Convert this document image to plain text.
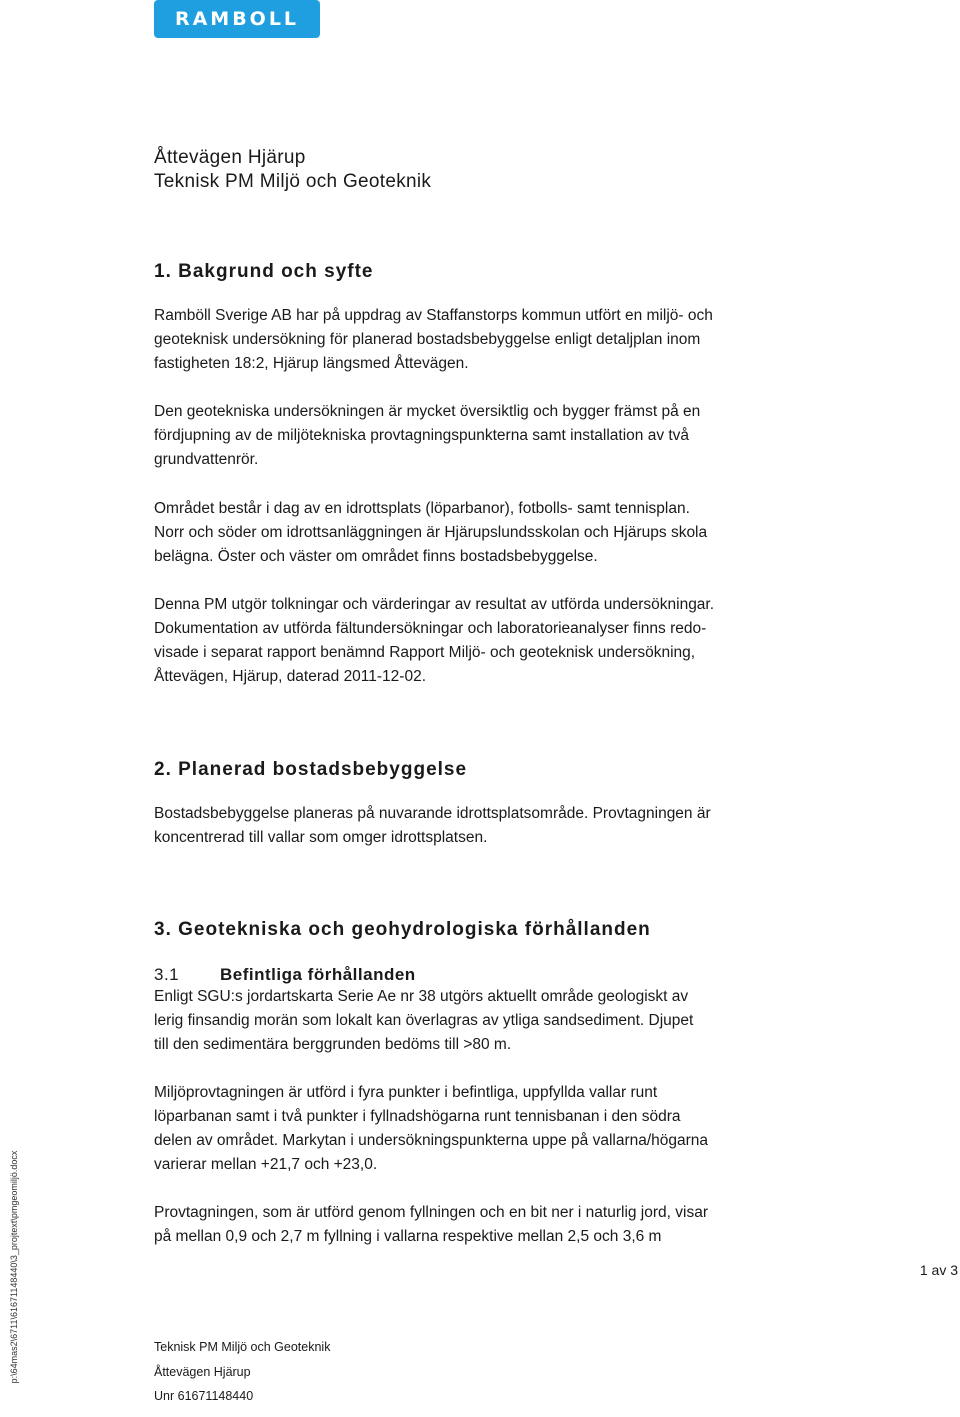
RAMBOLL
Åttevägen Hjärup
Teknisk PM Miljö och Geoteknik
1. Bakgrund och syfte
Ramböll Sverige AB har på uppdrag av Staffanstorps kommun utfört en miljö- och
geoteknisk undersökning för planerad bostadsbebyggelse enligt detaljplan inom
fastigheten 18:2, Hjärup längsmed Åttevägen.
Den geotekniska undersökningen är mycket översiktlig och bygger främst på en
fördjupning av de miljötekniska provtagningspunkterna samt installation av två
grundvattenrör.
Området består i dag av en idrottsplats (löparbanor), fotbolls- samt tennisplan.
Norr och söder om idrottsanläggningen är Hjärupslundsskolan och Hjärups skola
belägna. Öster och väster om området finns bostadsbebyggelse.
Denna PM utgör tolkningar och värderingar av resultat av utförda undersökningar.
Dokumentation av utförda fältundersökningar och laboratorieanalyser finns redo-
visade i separat rapport benämnd Rapport Miljö- och geoteknisk undersökning,
Åttevägen, Hjärup, daterad 2011-12-02.
2. Planerad bostadsbebyggelse
Bostadsbebyggelse planeras på nuvarande idrottsplatsområde. Provtagningen är
koncentrerad till vallar som omger idrottsplatsen.
3. Geotekniska och geohydrologiska förhållanden
3.1 Befintliga förhållanden
Enligt SGU:s jordartskarta Serie Ae nr 38 utgörs aktuellt område geologiskt av
lerig finsandig morän som lokalt kan överlagras av ytliga sandsediment. Djupet
till den sedimentära berggrunden bedöms till >80 m.
Miljöprovtagningen är utförd i fyra punkter i befintliga, uppfyllda vallar runt
löparbanan samt i två punkter i fyllnadshögarna runt tennisbanan i den södra
delen av området. Markytan i undersökningspunkterna uppe på vallarna/högarna
varierar mellan +21,7 och +23,0.
Provtagningen, som är utförd genom fyllningen och en bit ner i naturlig jord, visar
på mellan 0,9 och 2,7 m fyllning i vallarna respektive mellan 2,5 och 3,6 m
1 av 3
Teknisk PM Miljö och Geoteknik
Åttevägen Hjärup
Unr 61671148440
p:\64mas2\6711\61671148440\3_projtext\pmgeomiljö.docx
